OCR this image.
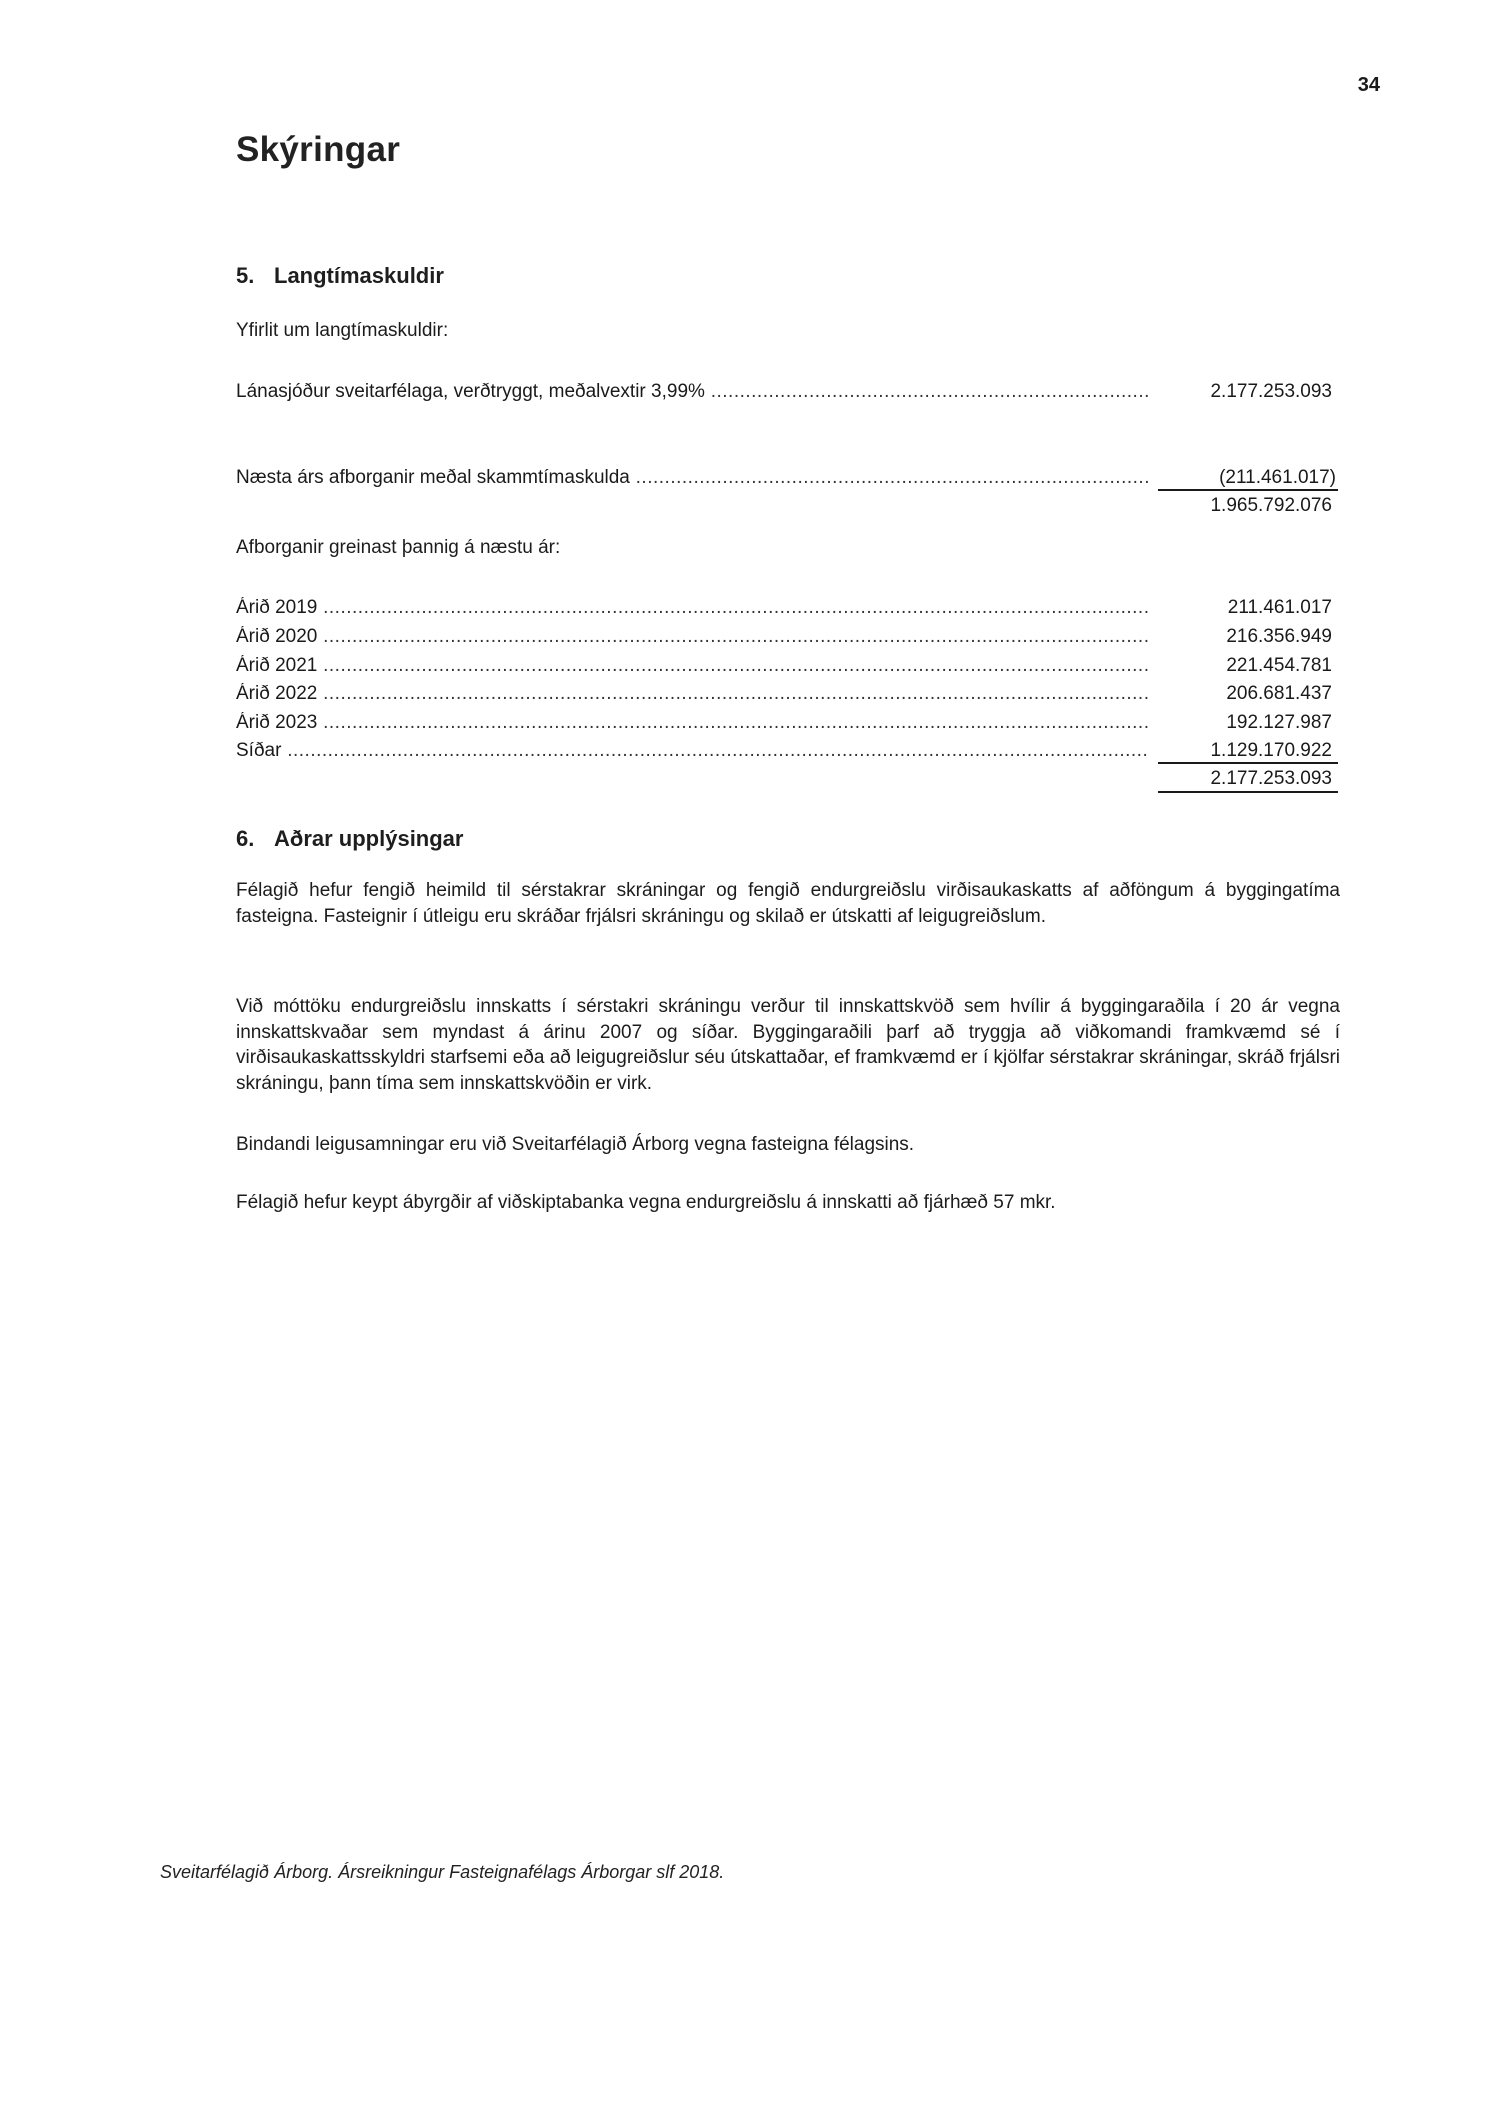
34
Skýringar
5. Langtímaskuldir
Yfirlit um langtímaskuldir:
Lánasjóður sveitarfélaga, verðtryggt, meðalvextir 3,99% .....	2.177.253.093
Næsta árs afborganir meðal skammtímaskulda .....	(211.461.017)
1.965.792.076
Afborganir greinast þannig á næstu ár:
Árið 2019 .....	211.461.017
Árið 2020 .....	216.356.949
Árið 2021 .....	221.454.781
Árið 2022 .....	206.681.437
Árið 2023 .....	192.127.987
Síðar .....	1.129.170.922
2.177.253.093
6. Aðrar upplýsingar

Félagið hefur fengið heimild til sérstakrar skráningar og fengið endurgreiðslu virðisaukaskatts af aðföngum á byggingatíma fasteigna. Fasteignir í útleigu eru skráðar frjálsri skráningu og skilað er útskatti af leigugreiðslum.

Við móttöku endurgreiðslu innskatts í sérstakri skráningu verður til innskattskvöð sem hvílir á byggingaraðila í 20 ár vegna innskattskvaðar sem myndast á árinu 2007 og síðar. Byggingaraðili þarf að tryggja að viðkomandi framkvæmd sé í virðisaukaskattsskyldri starfsemi eða að leigugreiðslur séu útskattaðar, ef framkvæmd er í kjölfar sérstakrar skráningar, skráð frjálsri skráningu, þann tíma sem innskattskvöðin er virk.

Bindandi leigusamningar eru við Sveitarfélagið Árborg vegna fasteigna félagsins.

Félagið hefur keypt ábyrgðir af viðskiptabanka vegna endurgreiðslu á innskatti að fjárhæð 57 mkr.

Sveitarfélagið Árborg. Ársreikningur Fasteignafélags Árborgar slf 2018.
